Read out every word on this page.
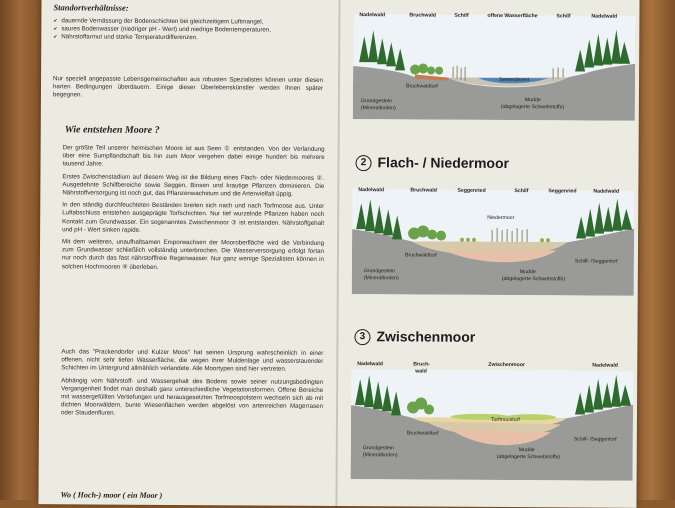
Standortverhältnisse:
✔ dauernde Vernässung der Bodenschichten bei gleichzeitigem Luftmangel,
✔ saures Bodenwasser (niedriger pH - Wert) und niedrige Bodentemperaturen,
✔ Nährstoffarmut und starke Temperaturdifferenzen.
Nur speziell angepasste Lebensgemeinschaften aus robusten Spezialisten können unter diesen harten Bedingungen überdauern. Einige dieser Überlebenskünstler werden Ihnen später begegnen.
Wie entstehen Moore ?

Der größte Teil unserer heimischen Moore ist aus Seen ① entstanden. Von der Verlandung über eine Sumpflandschaft bis hin zum Moor vergehen dabei einige hundert bis mehrere tausend Jahre.

Erstes Zwischenstadium auf diesem Weg ist die Bildung eines Flach- oder Niedermoores ②. Ausgedehnte Schilfbereiche sowie Seggen, Binsen und krautige Pflanzen dominieren. Die Nährstoffversorgung ist noch gut, das Pflanzenwachstum und die Artenvielfalt üppig.

In den ständig durchfeuchteten Beständen breiten sich nach und nach Torfmoose aus. Unter Luftabschluss entstehen ausgeprägte Torfschichten. Nur tief wurzelnde Pflanzen haben noch Kontakt zum Grundwasser. Ein sogenanntes Zwischenmoor ③ ist entstanden. Nährstoffgehalt und pH - Wert sinken rapide.

Mit dem weiteren, unaufhaltsamen Emporwachsen der Mooroberfläche wird die Verbindung zum Grundwasser schließlich vollständig unterbrochen. Die Wasserversorgung erfolgt fortan nur noch durch das fast nährstofffreie Regenwasser. Nur ganz wenige Spezialisten können in solchen Hochmooren ④ überleben.

Auch das "Prackendorfer und Kulzer Moos" hat seinen Ursprung wahrscheinlich in einer offenen, nicht sehr tiefen Wasserfläche, die wegen ihrer Muldenlage und wasserstauender Schichten im Untergrund allmählich verlandete. Alle Moortypen sind hier vertreten.

Abhängig vom Nährstoff- und Wassergehalt des Bodens sowie seiner nutzungsbedingten Vergangenheit findet man deshalb ganz unterschiedliche Vegetationsformen. Offene Bereiche mit wassergefüllten Vertiefungen und herausgesetzten Torfmoospolstern wechseln sich ab mit dichten Moorwäldern, bunte Wiesenflächen werden abgelöst von artenreichen Magerrasen oder Staudenfluren.

Wo ( Hoch-) moor ( ein Moor )
Nadelwald	Bruchwald	Schilf	offene Wasserfläche	Schilf	Nadelwald
Bruchwaldtorf
Seesediment
Grundgestein
(Mineralboden)
Mudde
(abgelagerte Schwebstoffe)
2 Flach- / Niedermoor
Nadelwald	Bruchwald	Seggenried	Schilf	Seggenried	Nadelwald
Niedermoor
Bruchwaldtorf
Grundgestein
(Mineralboden)
Mudde
(abgelagerte Schwebstoffe)
Schilf- /Seggentorf
3 Zwischenmoor
Nadelwald	Bruch-
wald
Zwischenmoor	Nadelwald
Torfmoostorf
Bruchwaldtorf
Schilf- /Seggentorf
Grundgestein
(Mineralboden)
Mudde
(abgelagerte Schwebstoffe)
